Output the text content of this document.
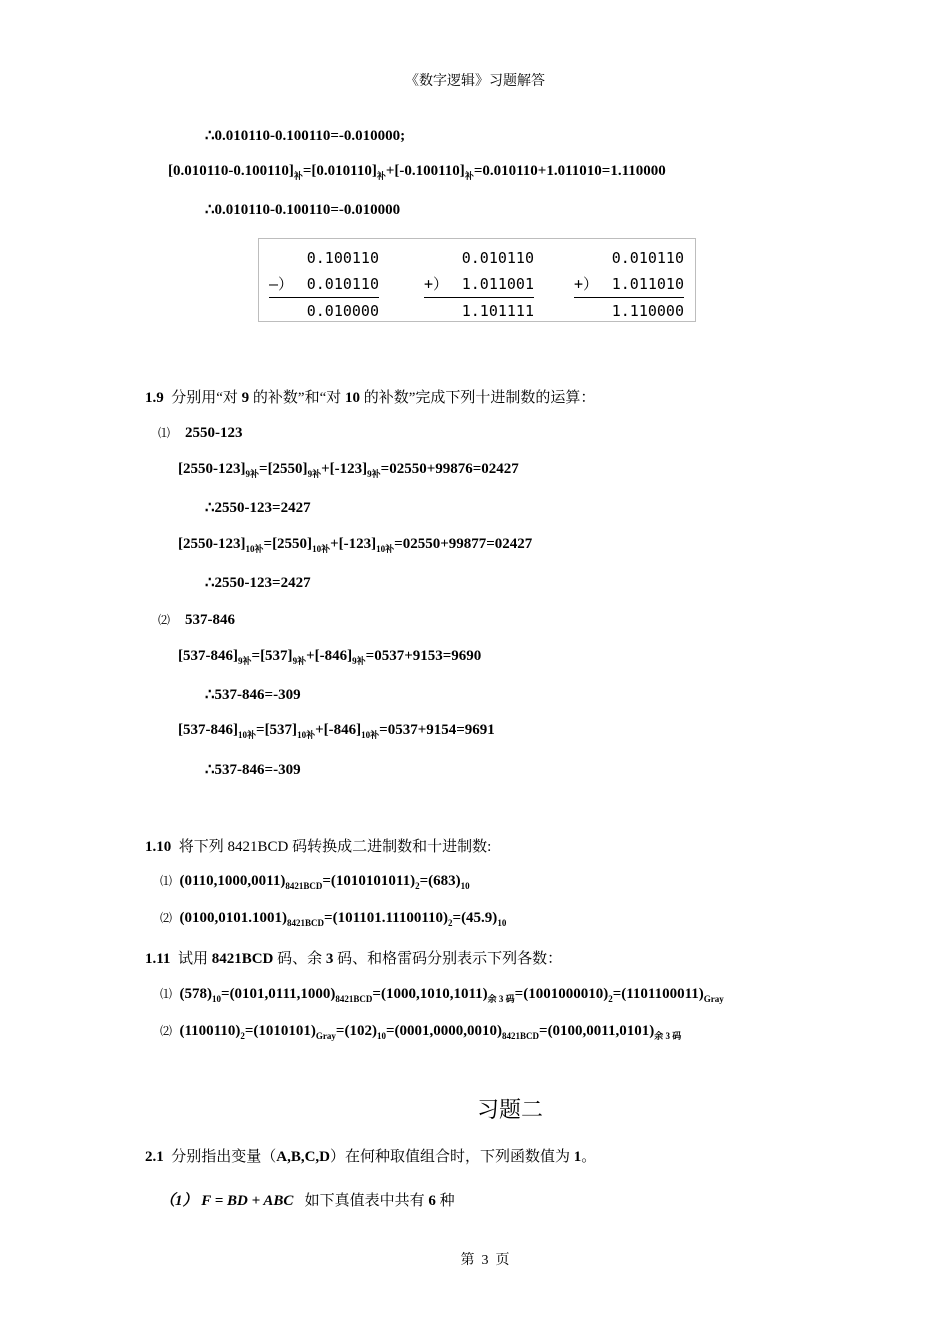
《数字逻辑》习题解答
∴0.010110-0.100110=-0.010000;
$[0.010110-0.100110]_补=[0.010110]_补+[-0.100110]_补=0.010110+1.011010=1.110000$
∴0.010110-0.100110=-0.010000
0.100110
—） 0.010110
0.010000
0.010110
+） 1.011001
1.101111
0.010110
+） 1.011010
1.110000
1.9 分别用“对 9 的补数”和“对 10 的补数”完成下列十进制数的运算：
⑴ 2550-123
$[2550-123]_{9补}=[2550]_{9补}+[-123]_{9补}=02550+99876=02427$
∴2550-123=2427
$[2550-123]_{10补}=[2550]_{10补}+[-123]_{10补}=02550+99877=02427$
∴2550-123=2427
⑵ 537-846
$[537-846]_{9补}=[537]_{9补}+[-846]_{9补}=0537+9153=9690$
∴537-846=-309
$[537-846]_{10补}=[537]_{10补}+[-846]_{10补}=0537+9154=9691$
∴537-846=-309
1.10 将下列 8421BCD 码转换成二进制数和十进制数:
⑴ $(0110,1000,0011)_{8421BCD}=(1010101011)_2=(683)_{10}$
⑵ $(0100,0101.1001)_{8421BCD}=(101101.11100110)_2=(45.9)_{10}$
1.11 试用 8421BCD 码、余 3 码、和格雷码分别表示下列各数：
⑴ $(578)_{10}=(0101,0111,1000)_{8421BCD}=(1000,1010,1011)_{余 3 码}=(1001000010)_2=(1101100011)_{Gray}$
⑵ $(1100110)_2=(1010101)_{Gray}=(102)_{10}=(0001,0000,0010)_{8421BCD}=(0100,0011,0101)_{余 3 码}$
习题二
2.1 分别指出变量（A,B,C,D）在何种取值组合时，下列函数值为 1。
（1） F = BD + ABC 如下真值表中共有 6 种
第 3 页
